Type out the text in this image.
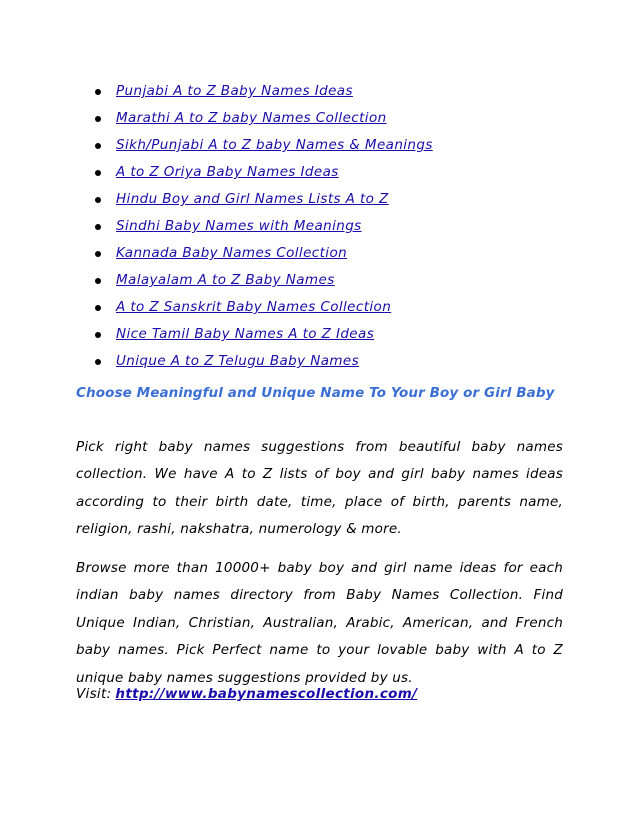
Punjabi A to Z Baby Names Ideas
Marathi A to Z baby Names Collection
Sikh/Punjabi A to Z baby Names & Meanings
A to Z Oriya Baby Names Ideas
Hindu Boy and Girl Names Lists A to Z
Sindhi Baby Names with Meanings
Kannada Baby Names Collection
Malayalam A to Z Baby Names
A to Z Sanskrit Baby Names Collection
Nice Tamil Baby Names A to Z Ideas
Unique A to Z Telugu Baby Names
Choose Meaningful and Unique Name To Your Boy or Girl Baby

Pick right baby names suggestions from beautiful baby names collection. We have A to Z lists of boy and girl baby names ideas according to their birth date, time, place of birth, parents name, religion, rashi, nakshatra, numerology & more.

Browse more than 10000+ baby boy and girl name ideas for each indian baby names directory from Baby Names Collection. Find Unique Indian, Christian, Australian, Arabic, American, and French baby names. Pick Perfect name to your lovable baby with A to Z unique baby names suggestions provided by us.

Visit: http://www.babynamescollection.com/
